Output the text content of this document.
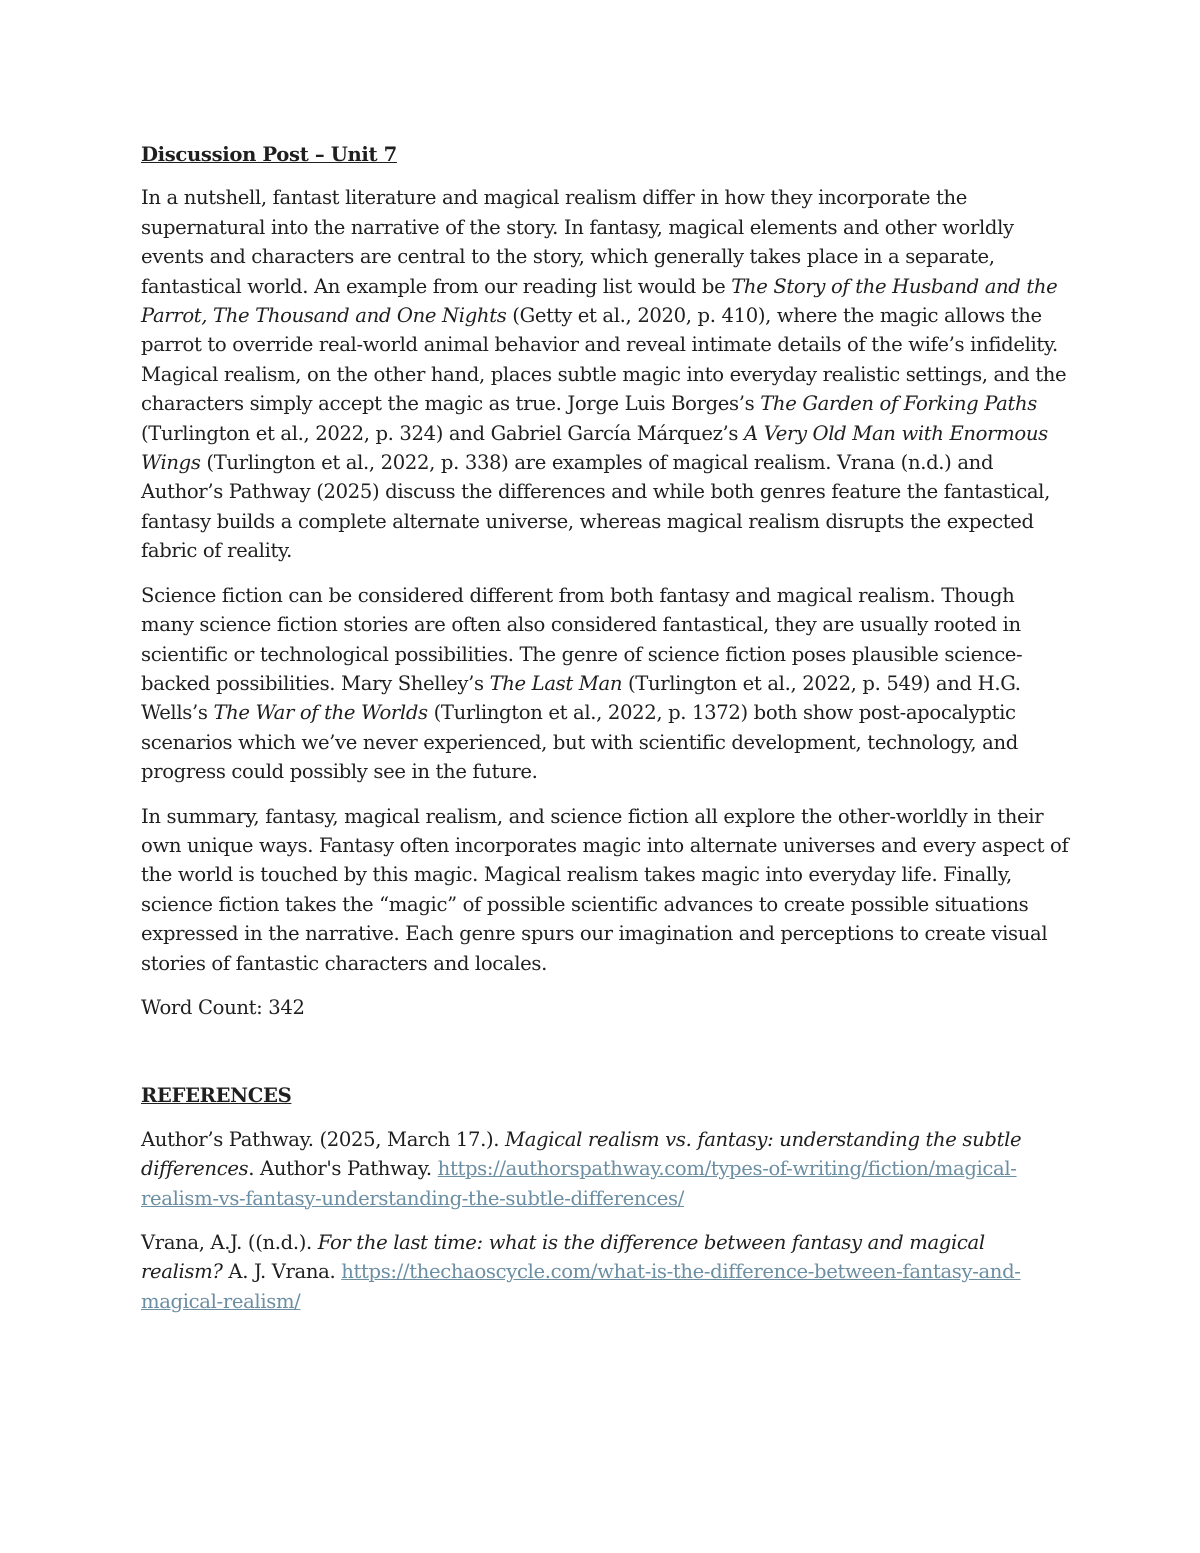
Discussion Post – Unit 7

In a nutshell, fantast literature and magical realism differ in how they incorporate the supernatural into the narrative of the story. In fantasy, magical elements and other worldly events and characters are central to the story, which generally takes place in a separate, fantastical world. An example from our reading list would be The Story of the Husband and the Parrot, The Thousand and One Nights (Getty et al., 2020, p. 410), where the magic allows the parrot to override real-world animal behavior and reveal intimate details of the wife’s infidelity. Magical realism, on the other hand, places subtle magic into everyday realistic settings, and the characters simply accept the magic as true. Jorge Luis Borges’s The Garden of Forking Paths (Turlington et al., 2022, p. 324) and Gabriel García Márquez’s A Very Old Man with Enormous Wings (Turlington et al., 2022, p. 338) are examples of magical realism. Vrana (n.d.) and Author’s Pathway (2025) discuss the differences and while both genres feature the fantastical, fantasy builds a complete alternate universe, whereas magical realism disrupts the expected fabric of reality.

Science fiction can be considered different from both fantasy and magical realism. Though many science fiction stories are often also considered fantastical, they are usually rooted in scientific or technological possibilities. The genre of science fiction poses plausible science-backed possibilities. Mary Shelley’s The Last Man (Turlington et al., 2022, p. 549) and H.G. Wells’s The War of the Worlds (Turlington et al., 2022, p. 1372) both show post-apocalyptic scenarios which we’ve never experienced, but with scientific development, technology, and progress could possibly see in the future.

In summary, fantasy, magical realism, and science fiction all explore the other-worldly in their own unique ways. Fantasy often incorporates magic into alternate universes and every aspect of the world is touched by this magic. Magical realism takes magic into everyday life. Finally, science fiction takes the “magic” of possible scientific advances to create possible situations expressed in the narrative. Each genre spurs our imagination and perceptions to create visual stories of fantastic characters and locales.

Word Count: 342

REFERENCES

Author’s Pathway. (2025, March 17.). Magical realism vs. fantasy: understanding the subtle differences. Author's Pathway. https://authorspathway.com/types-of-writing/fiction/magical-realism-vs-fantasy-understanding-the-subtle-differences/

Vrana, A.J. ((n.d.). For the last time: what is the difference between fantasy and magical realism? A. J. Vrana. https://thechaoscycle.com/what-is-the-difference-between-fantasy-and-magical-realism/
